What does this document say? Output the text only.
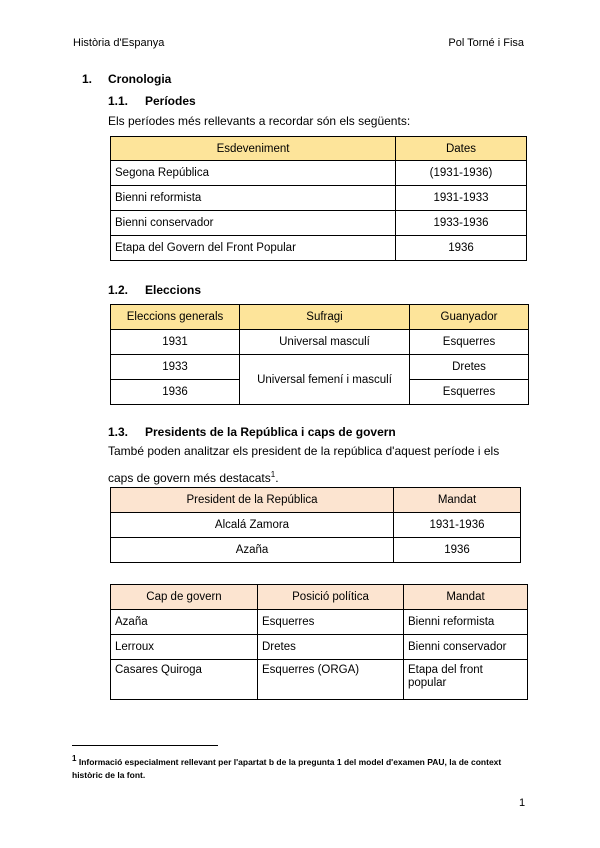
Història d'Espanya	Pol Torné i Fisa
1. Cronologia
1.1. Períodes
Els períodes més rellevants a recordar són els següents:
Esdeveniment	Dates
Segona República	(1931-1936)
Bienni reformista	1931-1933
Bienni conservador	1933-1936
Etapa del Govern del Front Popular	1936
1.2. Eleccions
Eleccions generals	Sufragi	Guanyador
1931	Universal masculí	Esquerres
1933	Universal femení i masculí	Dretes
1936		Esquerres
1.3. Presidents de la República i caps de govern
També poden analitzar els president de la república d'aquest període i els
caps de govern més destacats$^1$.
President de la República	Mandat
Alcalá Zamora	1931-1936
Azaña	1936
Cap de govern	Posició política	Mandat
Azaña	Esquerres	Bienni reformista
Lerroux	Dretes	Bienni conservador
Casares Quiroga	Esquerres (ORGA)	Etapa del front popular
$^1$ Informació especialment rellevant per l'apartat b de la pregunta 1 del model d'examen PAU, la de context històric de la font.
1
